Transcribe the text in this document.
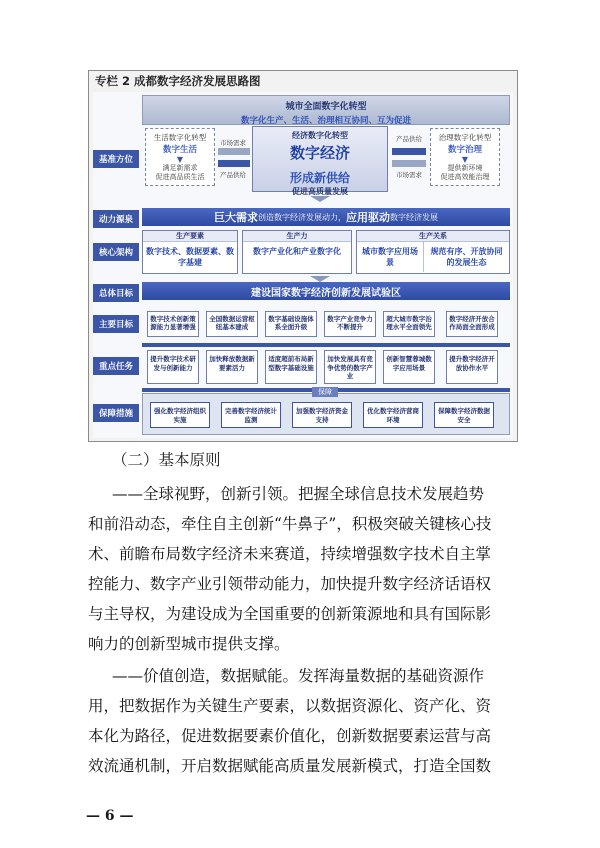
专栏 2 成都数字经济发展思路图
基准方位
动力源泉
核心架构
总体目标
主要目标
重点任务
保障措施
城市全面数字化转型
数字化生产、生活、治理相互协同、互为促进
生活数字化转型
数字生活
▼
满足新需求
促进高品质生活
治理数字化转型
数字治理
▼
提供新环境
促进高效能治理
市场需求
产品供给
产品供给
市场需求
经济数字化转型
数字经济
形成新供给
促进高质量发展
巨大需求 创造数字经济发展动力， 应用驱动 数字经济发展
生产要素
数字技术、数据要素、数字基建
生产力
数字产业化和产业数字化
生产关系
城市数字应用场景
规范有序、开放协同的发展生态
建设国家数字经济创新发展试验区
数字技术创新策源能力显著增强
全国数据运营枢纽基本建成
数字基础设施体系全面升级
数字产业竞争力不断提升
超大城市数字治理水平全面领先
数字经济开放合作局面全面形成
提升数字技术研发与创新能力
加快释放数据新要素活力
适度超前布局新型数字基础设施
加快发展具有竞争优势的数字产业
创新智慧蓉城数字应用场景
提升数字经济开放协作水平
保障
强化数字经济组织实施
完善数字经济统计监测
加强数字经济资金支持
优化数字经济营商环境
保障数字经济数据安全
（二）基本原则
——全球视野，创新引领。把握全球信息技术发展趋势
和前沿动态，牵住自主创新“牛鼻子”，积极突破关键核心技
术、前瞻布局数字经济未来赛道，持续增强数字技术自主掌
控能力、数字产业引领带动能力，加快提升数字经济话语权
与主导权，为建设成为全国重要的创新策源地和具有国际影
响力的创新型城市提供支撑。
——价值创造，数据赋能。发挥海量数据的基础资源作
用，把数据作为关键生产要素，以数据资源化、资产化、资
本化为路径，促进数据要素价值化，创新数据要素运营与高
效流通机制，开启数据赋能高质量发展新模式，打造全国数
— 6 —
